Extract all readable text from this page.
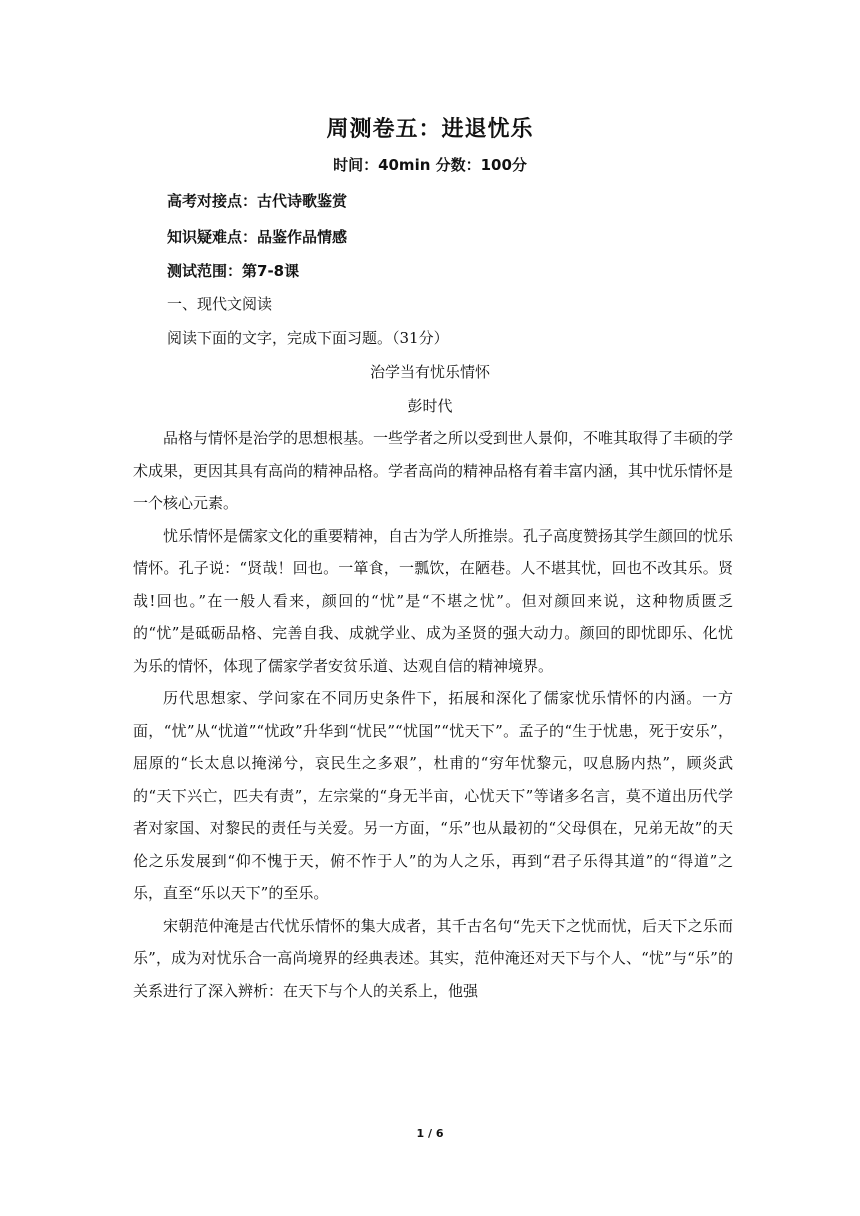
周测卷五：进退忧乐
时间：40min 分数：100分
高考对接点：古代诗歌鉴赏
知识疑难点：品鉴作品情感
测试范围：第7-8课
一、现代文阅读
阅读下面的文字，完成下面习题。（31分）
治学当有忧乐情怀
彭时代

品格与情怀是治学的思想根基。一些学者之所以受到世人景仰，不唯其取得了丰硕的学术成果，更因其具有高尚的精神品格。学者高尚的精神品格有着丰富内涵，其中忧乐情怀是一个核心元素。

忧乐情怀是儒家文化的重要精神，自古为学人所推崇。孔子高度赞扬其学生颜回的忧乐情怀。孔子说：“贤哉！回也。一箪食，一瓢饮，在陋巷。人不堪其忧，回也不改其乐。贤哉!回也。”在一般人看来，颜回的“忧”是“不堪之忧”。但对颜回来说，这种物质匮乏的“忧”是砥砺品格、完善自我、成就学业、成为圣贤的强大动力。颜回的即忧即乐、化忧为乐的情怀，体现了儒家学者安贫乐道、达观自信的精神境界。

历代思想家、学问家在不同历史条件下，拓展和深化了儒家忧乐情怀的内涵。一方面，“忧”从“忧道”“忧政”升华到“忧民”“忧国”“忧天下”。孟子的“生于忧患，死于安乐”，屈原的“长太息以掩涕兮，哀民生之多艰”，杜甫的“穷年忧黎元，叹息肠内热”，顾炎武的“天下兴亡，匹夫有责”，左宗棠的“身无半亩，心忧天下”等诸多名言，莫不道出历代学者对家国、对黎民的责任与关爱。另一方面，“乐”也从最初的“父母俱在，兄弟无故”的天伦之乐发展到“仰不愧于天，俯不怍于人”的为人之乐，再到“君子乐得其道”的“得道”之乐，直至“乐以天下”的至乐。

宋朝范仲淹是古代忧乐情怀的集大成者，其千古名句“先天下之忧而忧，后天下之乐而乐”，成为对忧乐合一高尚境界的经典表述。其实，范仲淹还对天下与个人、“忧”与“乐”的关系进行了深入辨析：在天下与个人的关系上，他强

1 / 6
